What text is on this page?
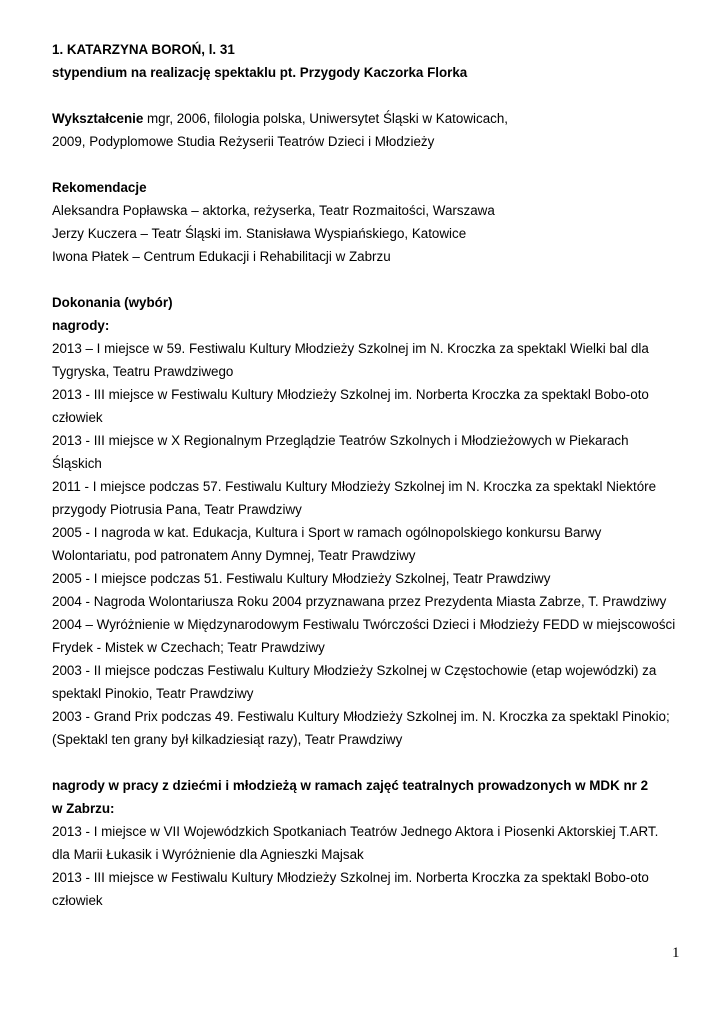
1. KATARZYNA BOROŃ, l. 31
stypendium na realizację spektaklu pt. Przygody Kaczorka Florka
Wykształcenie mgr, 2006, filologia polska, Uniwersytet Śląski w Katowicach,
2009, Podyplomowe Studia Reżyserii Teatrów Dzieci i Młodzieży
Rekomendacje
Aleksandra Popławska – aktorka, reżyserka, Teatr Rozmaitości, Warszawa
Jerzy Kuczera – Teatr Śląski im. Stanisława Wyspiańskiego, Katowice
Iwona Płatek – Centrum Edukacji i Rehabilitacji w Zabrzu
Dokonania (wybór)
nagrody:
2013 – I miejsce w 59. Festiwalu Kultury Młodzieży Szkolnej im N. Kroczka za spektakl Wielki bal dla
Tygryska, Teatru Prawdziwego
2013 - III miejsce w Festiwalu Kultury Młodzieży Szkolnej im. Norberta Kroczka za spektakl Bobo-oto
człowiek
2013 - III miejsce w X Regionalnym Przeglądzie Teatrów Szkolnych i Młodzieżowych w Piekarach
Śląskich
2011 - I miejsce podczas 57. Festiwalu Kultury Młodzieży Szkolnej im N. Kroczka za spektakl Niektóre
przygody Piotrusia Pana, Teatr Prawdziwy
2005 - I nagroda w kat. Edukacja, Kultura i Sport w ramach ogólnopolskiego konkursu Barwy
Wolontariatu, pod patronatem Anny Dymnej, Teatr Prawdziwy
2005 - I miejsce podczas 51. Festiwalu Kultury Młodzieży Szkolnej, Teatr Prawdziwy
2004 - Nagroda Wolontariusza Roku 2004 przyznawana przez Prezydenta Miasta Zabrze, T. Prawdziwy
2004 – Wyróżnienie w Międzynarodowym Festiwalu Twórczości Dzieci i Młodzieży FEDD w miejscowości
Frydek - Mistek w Czechach; Teatr Prawdziwy
2003 - II miejsce podczas Festiwalu Kultury Młodzieży Szkolnej w Częstochowie (etap wojewódzki) za
spektakl Pinokio, Teatr Prawdziwy
2003 - Grand Prix podczas 49. Festiwalu Kultury Młodzieży Szkolnej im. N. Kroczka za spektakl Pinokio;
(Spektakl ten grany był kilkadziesiąt razy), Teatr Prawdziwy
nagrody w pracy z dziećmi i młodzieżą w ramach zajęć teatralnych prowadzonych w MDK nr 2
w Zabrzu:
2013 - I miejsce w VII Wojewódzkich Spotkaniach Teatrów Jednego Aktora i Piosenki Aktorskiej T.ART.
dla Marii Łukasik i Wyróżnienie dla Agnieszki Majsak
2013 - III miejsce w Festiwalu Kultury Młodzieży Szkolnej im. Norberta Kroczka za spektakl Bobo-oto
człowiek
1
